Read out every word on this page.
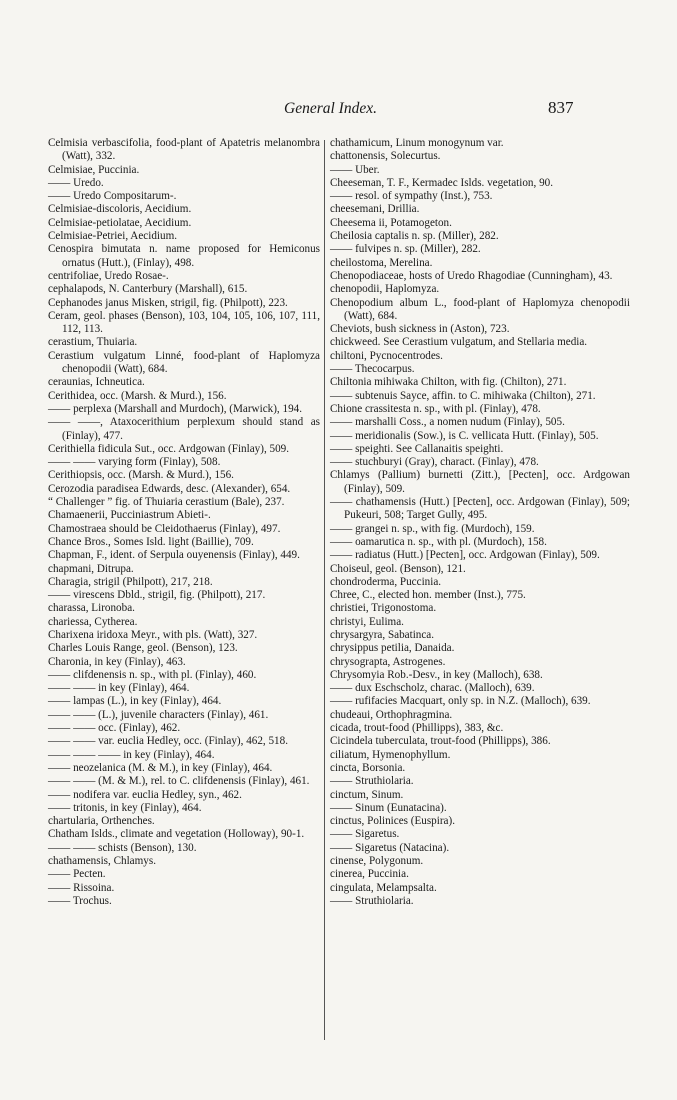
General Index.	837
Celmisia verbascifolia, food-plant of Apatetris melanombra (Watt), 332.
Celmisiae, Puccinia.
—— Uredo.
—— Uredo Compositarum-.
Celmisiae-discoloris, Aecidium.
Celmisiae-petiolatae, Aecidium.
Celmisiae-Petriei, Aecidium.
Cenospira bimutata n. name proposed for Hemiconus ornatus (Hutt.), (Finlay), 498.
centrifoliae, Uredo Rosae-.
cephalapods, N. Canterbury (Marshall), 615.
Cephanodes janus Misken, strigil, fig. (Philpott), 223.
Ceram, geol. phases (Benson), 103, 104, 105, 106, 107, 111, 112, 113.
cerastium, Thuiaria.
Cerastium vulgatum Linné, food-plant of Haplomyza chenopodii (Watt), 684.
ceraunias, Ichneutica.
Cerithidea, occ. (Marsh. & Murd.), 156.
—— perplexa (Marshall and Murdoch), (Marwick), 194.
—— ——, Ataxocerithium perplexum should stand as (Finlay), 477.
Cerithiella fidicula Sut., occ. Ardgowan (Finlay), 509.
—— —— varying form (Finlay), 508.
Cerithiopsis, occ. (Marsh. & Murd.), 156.
Cerozodia paradisea Edwards, desc. (Alexander), 654.
“ Challenger ” fig. of Thuiaria cerastium (Bale), 237.
Chamaenerii, Pucciniastrum Abieti-.
Chamostraea should be Cleidothaerus (Finlay), 497.
Chance Bros., Somes Isld. light (Baillie), 709.
Chapman, F., ident. of Serpula ouyenensis (Finlay), 449.
chapmani, Ditrupa.
Charagia, strigil (Philpott), 217, 218.
—— virescens Dbld., strigil, fig. (Philpott), 217.
charassa, Lironoba.
chariessa, Cytherea.
Charixena iridoxa Meyr., with pls. (Watt), 327.
Charles Louis Range, geol. (Benson), 123.
Charonia, in key (Finlay), 463.
—— clifdenensis n. sp., with pl. (Finlay), 460.
—— —— in key (Finlay), 464.
—— lampas (L.), in key (Finlay), 464.
—— —— (L.), juvenile characters (Finlay), 461.
—— —— occ. (Finlay), 462.
—— —— var. euclia Hedley, occ. (Finlay), 462, 518.
—— —— —— in key (Finlay), 464.
—— neozelanica (M. & M.), in key (Finlay), 464.
—— —— (M. & M.), rel. to C. clifdenensis (Finlay), 461.
—— nodifera var. euclia Hedley, syn., 462.
—— tritonis, in key (Finlay), 464.
chartularia, Orthenches.
Chatham Islds., climate and vegetation (Holloway), 90-1.
—— —— schists (Benson), 130.
chathamensis, Chlamys.
—— Pecten.
—— Rissoina.
—— Trochus.
chathamicum, Linum monogynum var.
chattonensis, Solecurtus.
—— Uber.
Cheeseman, T. F., Kermadec Islds. vegetation, 90.
—— resol. of sympathy (Inst.), 753.
cheesemani, Drillia.
Cheesema ii, Potamogeton.
Cheilosia captalis n. sp. (Miller), 282.
—— fulvipes n. sp. (Miller), 282.
cheilostoma, Merelina.
Chenopodiaceae, hosts of Uredo Rhagodiae (Cunningham), 43.
chenopodii, Haplomyza.
Chenopodium album L., food-plant of Haplomyza chenopodii (Watt), 684.
Cheviots, bush sickness in (Aston), 723.
chickweed. See Cerastium vulgatum, and Stellaria media.
chiltoni, Pycnocentrodes.
—— Thecocarpus.
Chiltonia mihiwaka Chilton, with fig. (Chilton), 271.
—— subtenuis Sayce, affin. to C. mihiwaka (Chilton), 271.
Chione crassitesta n. sp., with pl. (Finlay), 478.
—— marshalli Coss., a nomen nudum (Finlay), 505.
—— meridionalis (Sow.), is C. vellicata Hutt. (Finlay), 505.
—— speighti. See Callanaitis speighti.
—— stuchburyi (Gray), charact. (Finlay), 478.
Chlamys (Pallium) burnetti (Zitt.), [Pecten], occ. Ardgowan (Finlay), 509.
—— chathamensis (Hutt.) [Pecten], occ. Ardgowan (Finlay), 509; Pukeuri, 508; Target Gully, 495.
—— grangei n. sp., with fig. (Murdoch), 159.
—— oamarutica n. sp., with pl. (Murdoch), 158.
—— radiatus (Hutt.) [Pecten], occ. Ardgowan (Finlay), 509.
Choiseul, geol. (Benson), 121.
chondroderma, Puccinia.
Chree, C., elected hon. member (Inst.), 775.
christiei, Trigonostoma.
christyi, Eulima.
chrysargyra, Sabatinca.
chrysippus petilia, Danaida.
chrysograpta, Astrogenes.
Chrysomyia Rob.-Desv., in key (Malloch), 638.
—— dux Eschscholz, charac. (Malloch), 639.
—— rufifacies Macquart, only sp. in N.Z. (Malloch), 639.
chudeaui, Orthophragmina.
cicada, trout-food (Phillipps), 383, &c.
Cicindela tuberculata, trout-food (Phillipps), 386.
ciliatum, Hymenophyllum.
cincta, Borsonia.
—— Struthiolaria.
cinctum, Sinum.
—— Sinum (Eunatacina).
cinctus, Polinices (Euspira).
—— Sigaretus.
—— Sigaretus (Natacina).
cinense, Polygonum.
cinerea, Puccinia.
cingulata, Melampsalta.
—— Struthiolaria.
